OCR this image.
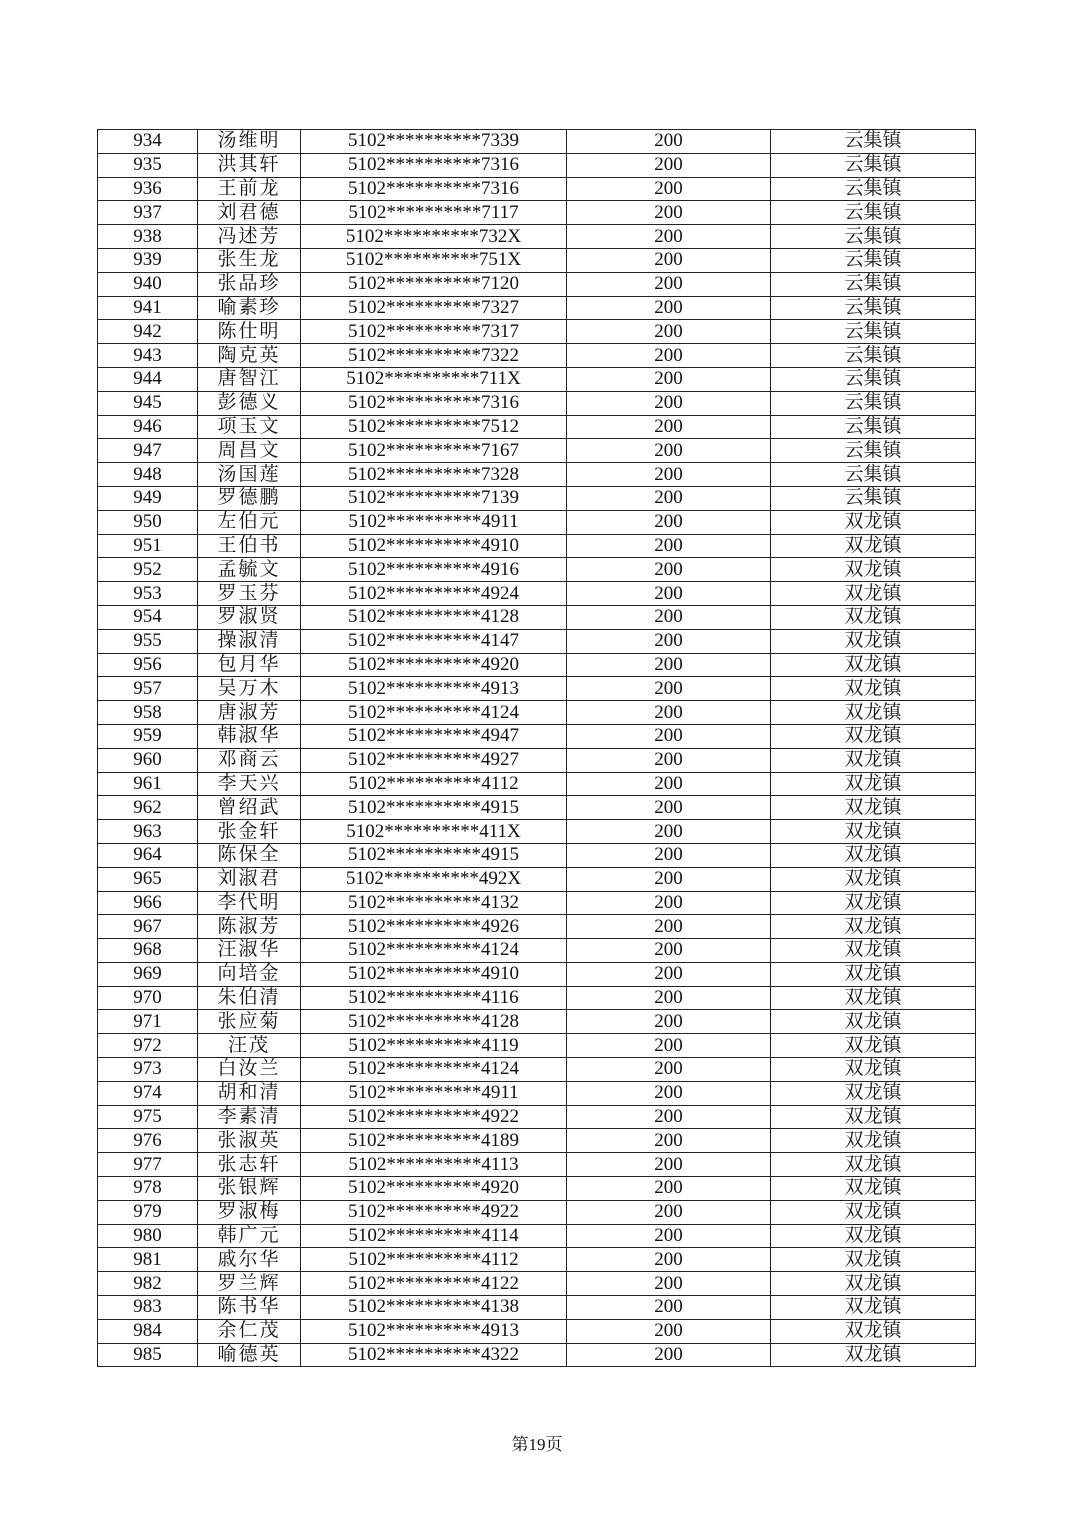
934	汤维明	5102**********7339	200	云集镇
935	洪其轩	5102**********7316	200	云集镇
936	王前龙	5102**********7316	200	云集镇
937	刘君德	5102**********7117	200	云集镇
938	冯述芳	5102**********732X	200	云集镇
939	张生龙	5102**********751X	200	云集镇
940	张品珍	5102**********7120	200	云集镇
941	喻素珍	5102**********7327	200	云集镇
942	陈仕明	5102**********7317	200	云集镇
943	陶克英	5102**********7322	200	云集镇
944	唐智江	5102**********711X	200	云集镇
945	彭德义	5102**********7316	200	云集镇
946	项玉文	5102**********7512	200	云集镇
947	周昌文	5102**********7167	200	云集镇
948	汤国莲	5102**********7328	200	云集镇
949	罗德鹏	5102**********7139	200	云集镇
950	左伯元	5102**********4911	200	双龙镇
951	王伯书	5102**********4910	200	双龙镇
952	孟毓文	5102**********4916	200	双龙镇
953	罗玉芬	5102**********4924	200	双龙镇
954	罗淑贤	5102**********4128	200	双龙镇
955	操淑清	5102**********4147	200	双龙镇
956	包月华	5102**********4920	200	双龙镇
957	吴万木	5102**********4913	200	双龙镇
958	唐淑芳	5102**********4124	200	双龙镇
959	韩淑华	5102**********4947	200	双龙镇
960	邓商云	5102**********4927	200	双龙镇
961	李天兴	5102**********4112	200	双龙镇
962	曾绍武	5102**********4915	200	双龙镇
963	张金轩	5102**********411X	200	双龙镇
964	陈保全	5102**********4915	200	双龙镇
965	刘淑君	5102**********492X	200	双龙镇
966	李代明	5102**********4132	200	双龙镇
967	陈淑芳	5102**********4926	200	双龙镇
968	汪淑华	5102**********4124	200	双龙镇
969	向培金	5102**********4910	200	双龙镇
970	朱伯清	5102**********4116	200	双龙镇
971	张应菊	5102**********4128	200	双龙镇
972	汪茂	5102**********4119	200	双龙镇
973	白汝兰	5102**********4124	200	双龙镇
974	胡和清	5102**********4911	200	双龙镇
975	李素清	5102**********4922	200	双龙镇
976	张淑英	5102**********4189	200	双龙镇
977	张志轩	5102**********4113	200	双龙镇
978	张银辉	5102**********4920	200	双龙镇
979	罗淑梅	5102**********4922	200	双龙镇
980	韩广元	5102**********4114	200	双龙镇
981	戚尔华	5102**********4112	200	双龙镇
982	罗兰辉	5102**********4122	200	双龙镇
983	陈书华	5102**********4138	200	双龙镇
984	余仁茂	5102**********4913	200	双龙镇
985	喻德英	5102**********4322	200	双龙镇
第19页
